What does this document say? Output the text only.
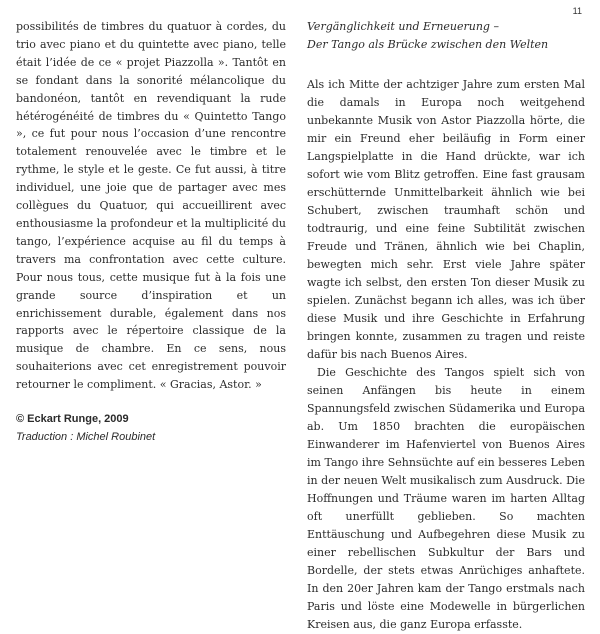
11

possibilités de timbres du quatuor à cordes, du trio avec piano et du quintette avec piano, telle était l’idée de ce « projet Piazzolla ». Tantôt en se fondant dans la sonorité mélancolique du bandonéon, tantôt en revendiquant la rude hétérogénéité de timbres du « Quintetto Tango », ce fut pour nous l’occasion d’une rencontre totalement renouvelée avec le timbre et le rythme, le style et le geste. Ce fut aussi, à titre individuel, une joie que de partager avec mes collègues du Quatuor, qui accueillirent avec enthousiasme la profondeur et la multiplicité du tango, l’expérience acquise au fil du temps à travers ma confrontation avec cette culture. Pour nous tous, cette musique fut à la fois une grande source d’inspiration et un enrichissement durable, également dans nos rapports avec le répertoire classique de la musique de chambre. En ce sens, nous souhaiterions avec cet enregistrement pouvoir retourner le compliment. « Gracias, Astor. »

© Eckart Runge, 2009
Traduction : Michel Roubinet
Vergänglichkeit und Erneuerung –
Der Tango als Brücke zwischen den Welten

Als ich Mitte der achtziger Jahre zum ersten Mal die damals in Europa noch weitgehend unbekannte Musik von Astor Piazzolla hörte, die mir ein Freund eher beiläufig in Form einer Langspielplatte in die Hand drückte, war ich sofort wie vom Blitz getroffen. Eine fast grausam erschütternde Unmittelbarkeit ähnlich wie bei Schubert, zwischen traumhaft schön und todtraurig, und eine feine Subtilität zwischen Freude und Tränen, ähnlich wie bei Chaplin, bewegten mich sehr. Erst viele Jahre später wagte ich selbst, den ersten Ton dieser Musik zu spielen. Zunächst begann ich alles, was ich über diese Musik und ihre Geschichte in Erfahrung bringen konnte, zusammen zu tragen und reiste dafür bis nach Buenos Aires.

Die Geschichte des Tangos spielt sich von seinen Anfängen bis heute in einem Spannungsfeld zwischen Südamerika und Europa ab. Um 1850 brachten die europäischen Einwanderer im Hafenviertel von Buenos Aires im Tango ihre Sehnsüchte auf ein besseres Leben in der neuen Welt musikalisch zum Ausdruck. Die Hoffnungen und Träume waren im harten Alltag oft unerfüllt geblieben. So machten Enttäuschung und Aufbegehren diese Musik zu einer rebellischen Subkultur der Bars und Bordelle, der stets etwas Anrüchiges anhaftete. In den 20er Jahren kam der Tango erstmals nach Paris und löste eine Modewelle in bürgerlichen Kreisen aus, die ganz Europa erfasste.
